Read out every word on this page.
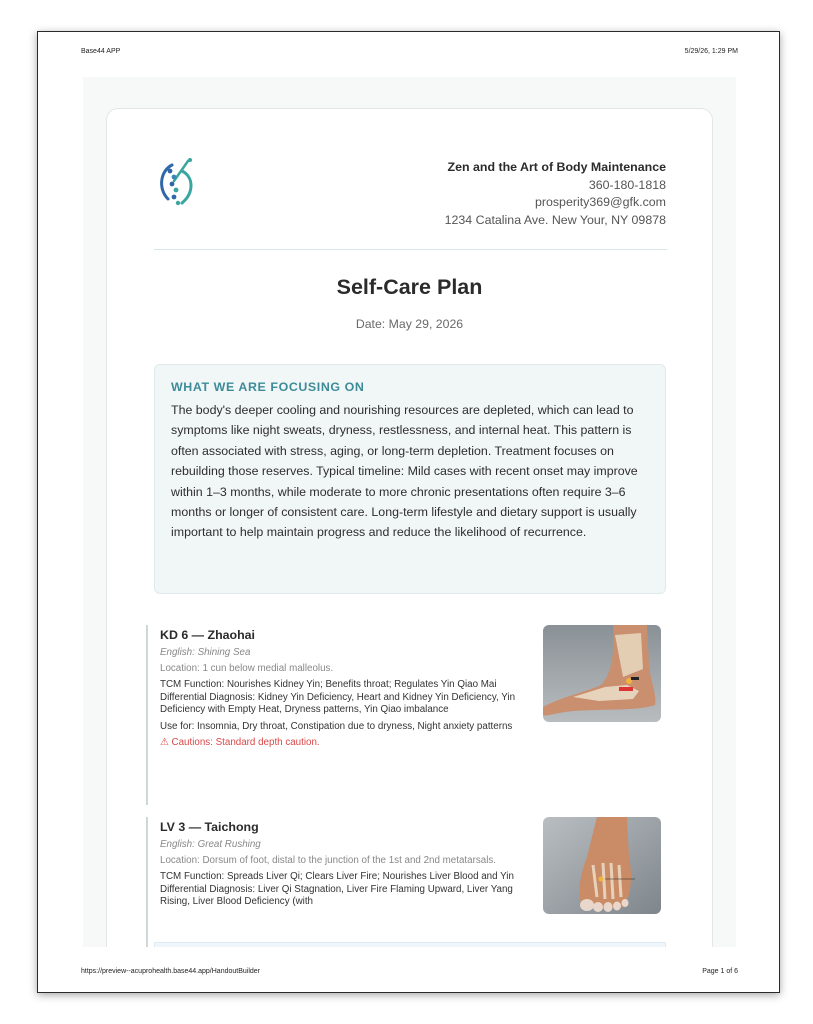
Base44 APP	5/29/26, 1:29 PM
Zen and the Art of Body Maintenance
360-180-1818
prosperity369@gfk.com
1234 Catalina Ave. New Your, NY 09878
Self-Care Plan
Date: May 29, 2026
WHAT WE ARE FOCUSING ON
The body's deeper cooling and nourishing resources are depleted, which can lead to symptoms like night sweats, dryness, restlessness, and internal heat. This pattern is often associated with stress, aging, or long-term depletion. Treatment focuses on rebuilding those reserves. Typical timeline: Mild cases with recent onset may improve within 1–3 months, while moderate to more chronic presentations often require 3–6 months or longer of consistent care. Long-term lifestyle and dietary support is usually important to help maintain progress and reduce the likelihood of recurrence.
KD 6 — Zhaohai
English: Shining Sea
Location: 1 cun below medial malleolus.
TCM Function: Nourishes Kidney Yin; Benefits throat; Regulates Yin Qiao Mai Differential Diagnosis: Kidney Yin Deficiency, Heart and Kidney Yin Deficiency, Yin Deficiency with Empty Heat, Dryness patterns, Yin Qiao imbalance
Use for: Insomnia, Dry throat, Constipation due to dryness, Night anxiety patterns
⚠ Cautions: Standard depth caution.
LV 3 — Taichong
English: Great Rushing
Location: Dorsum of foot, distal to the junction of the 1st and 2nd metatarsals.
TCM Function: Spreads Liver Qi; Clears Liver Fire; Nourishes Liver Blood and Yin Differential Diagnosis: Liver Qi Stagnation, Liver Fire Flaming Upward, Liver Yang Rising, Liver Blood Deficiency (with
https://preview--acuprohealth.base44.app/HandoutBuilder	Page 1 of 6
